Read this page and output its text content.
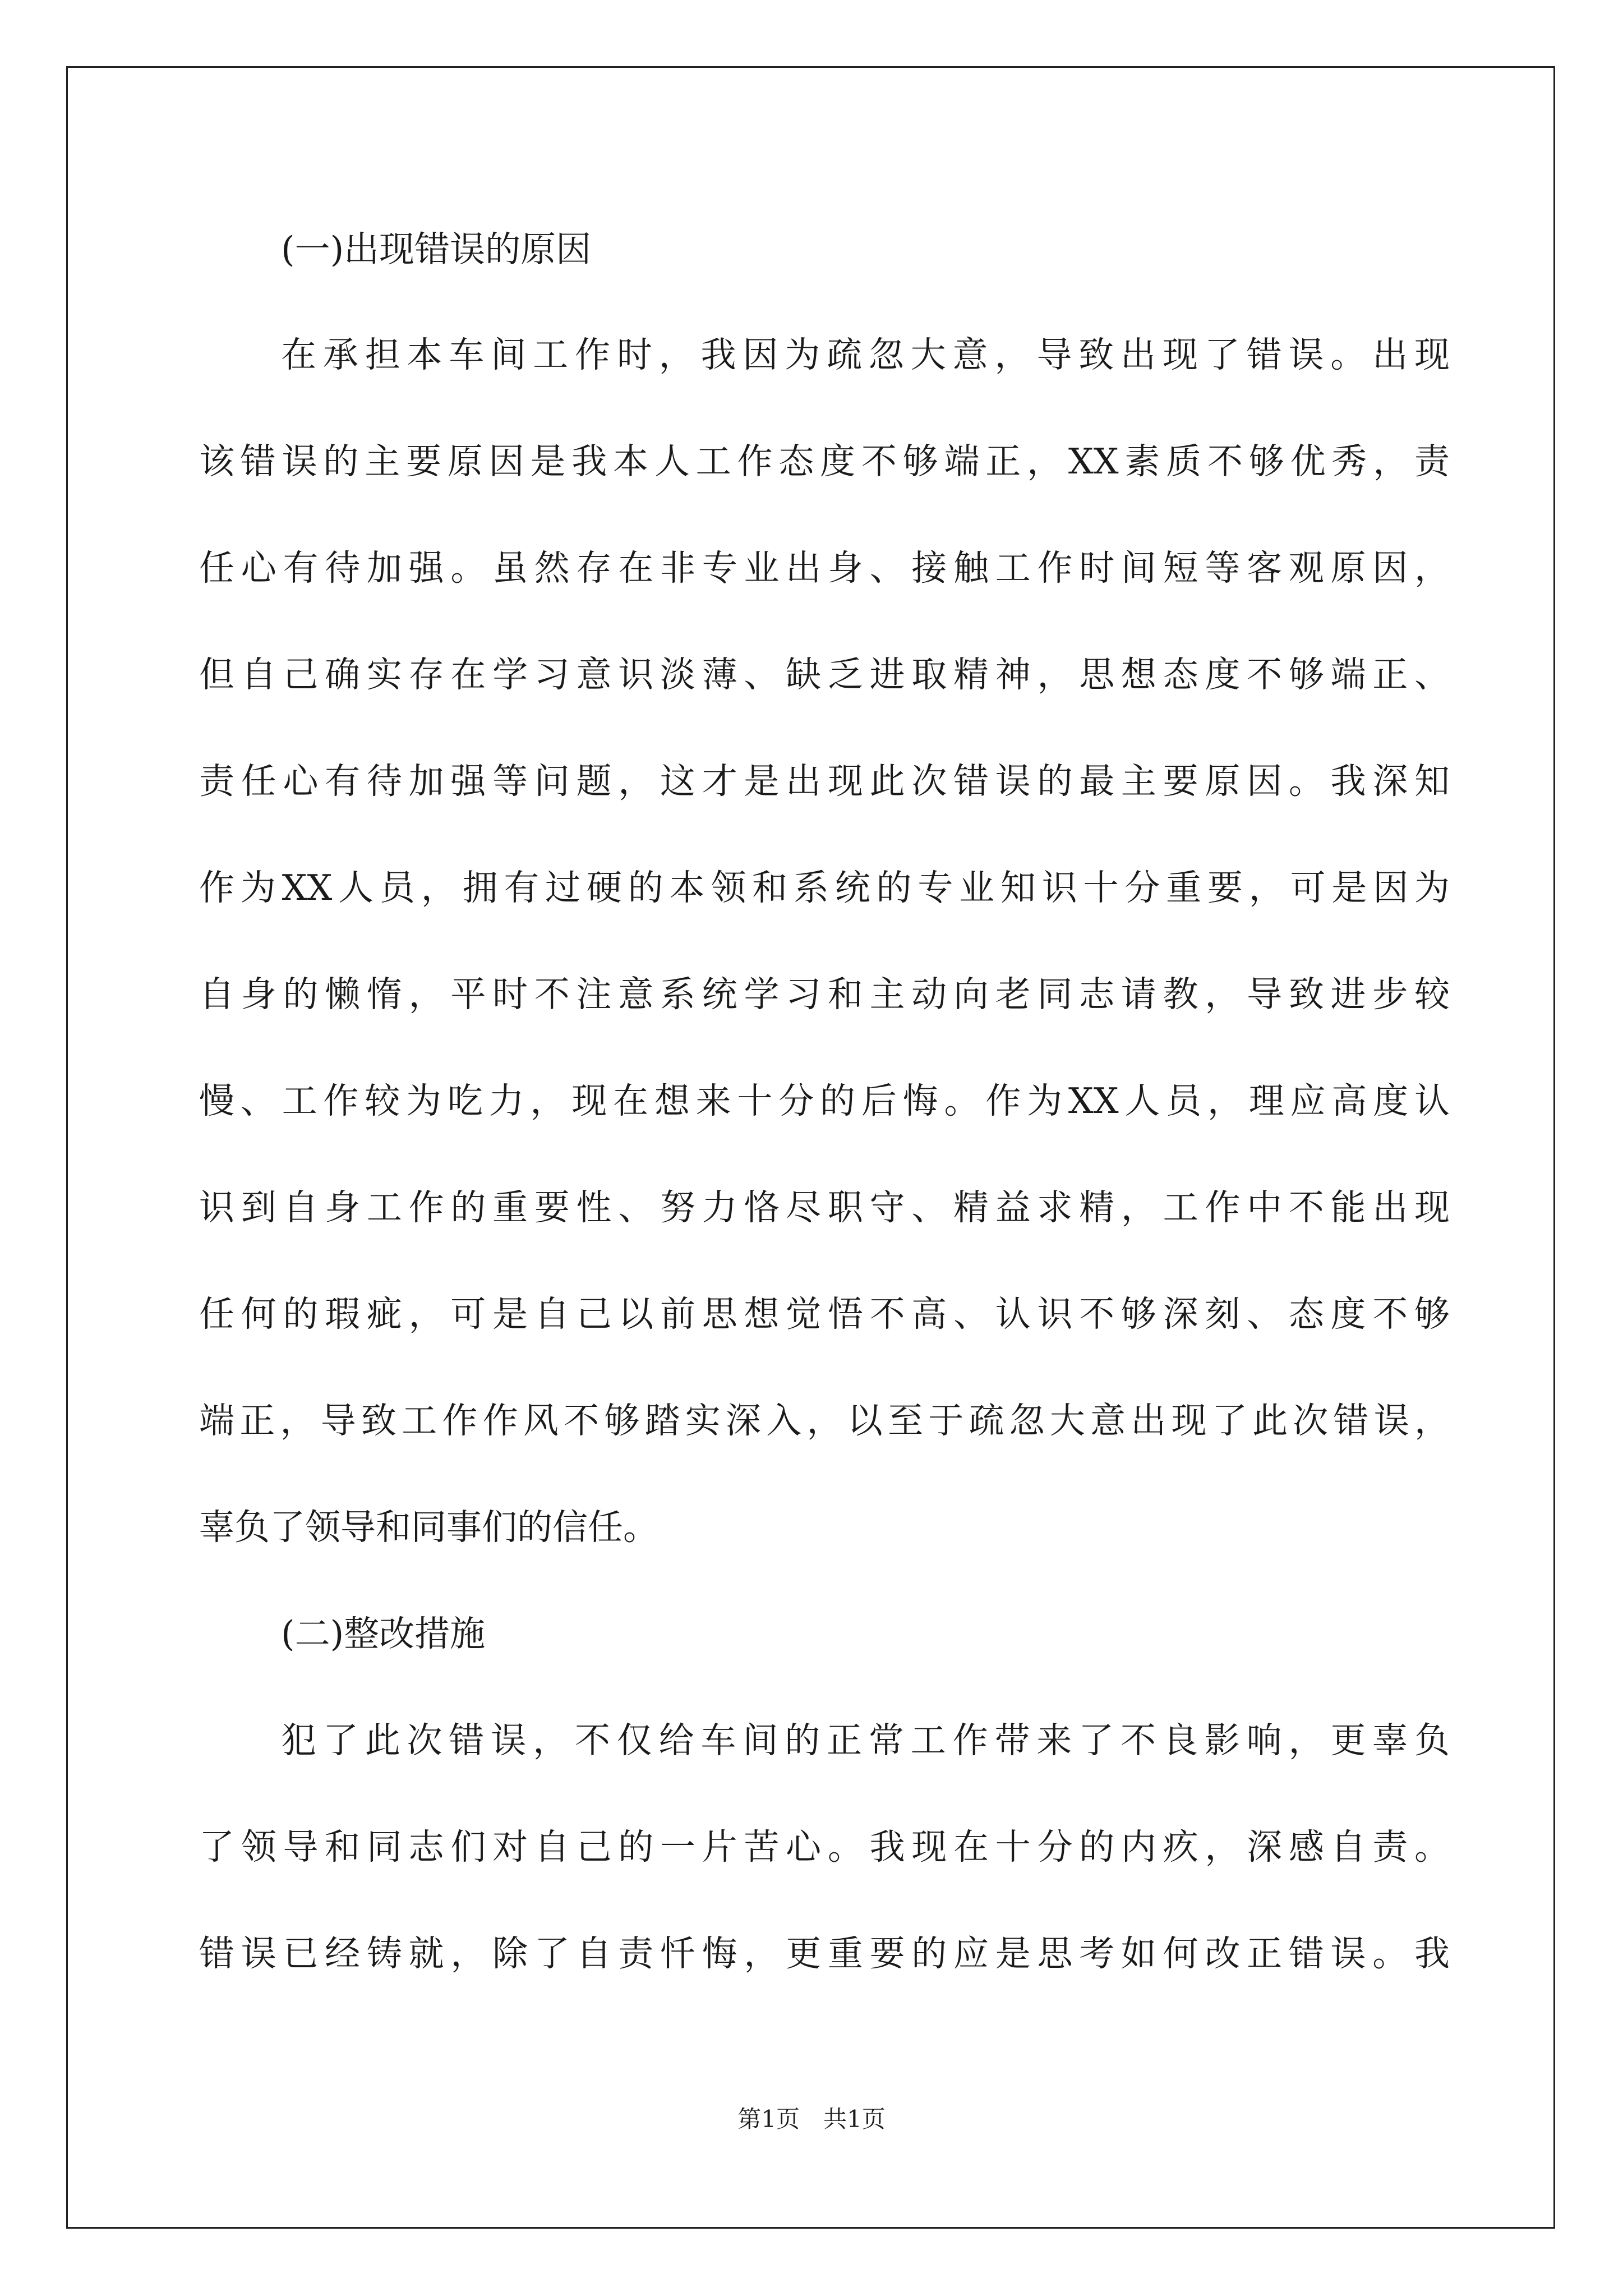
(一)出现错误的原因
在承担本车间工作时，我因为疏忽大意，导致出现了错误。出现
该错误的主要原因是我本人工作态度不够端正，XX素质不够优秀，责
任心有待加强。虽然存在非专业出身、接触工作时间短等客观原因，
但自己确实存在学习意识淡薄、缺乏进取精神，思想态度不够端正、
责任心有待加强等问题，这才是出现此次错误的最主要原因。我深知
作为XX人员，拥有过硬的本领和系统的专业知识十分重要，可是因为
自身的懒惰，平时不注意系统学习和主动向老同志请教，导致进步较
慢、工作较为吃力，现在想来十分的后悔。作为XX人员，理应高度认
识到自身工作的重要性、努力恪尽职守、精益求精，工作中不能出现
任何的瑕疵，可是自己以前思想觉悟不高、认识不够深刻、态度不够
端正，导致工作作风不够踏实深入，以至于疏忽大意出现了此次错误，
辜负了领导和同事们的信任。
(二)整改措施
犯了此次错误，不仅给车间的正常工作带来了不良影响，更辜负
了领导和同志们对自己的一片苦心。我现在十分的内疚，深感自责。
错误已经铸就，除了自责忏悔，更重要的应是思考如何改正错误。我
第1页　共1页
